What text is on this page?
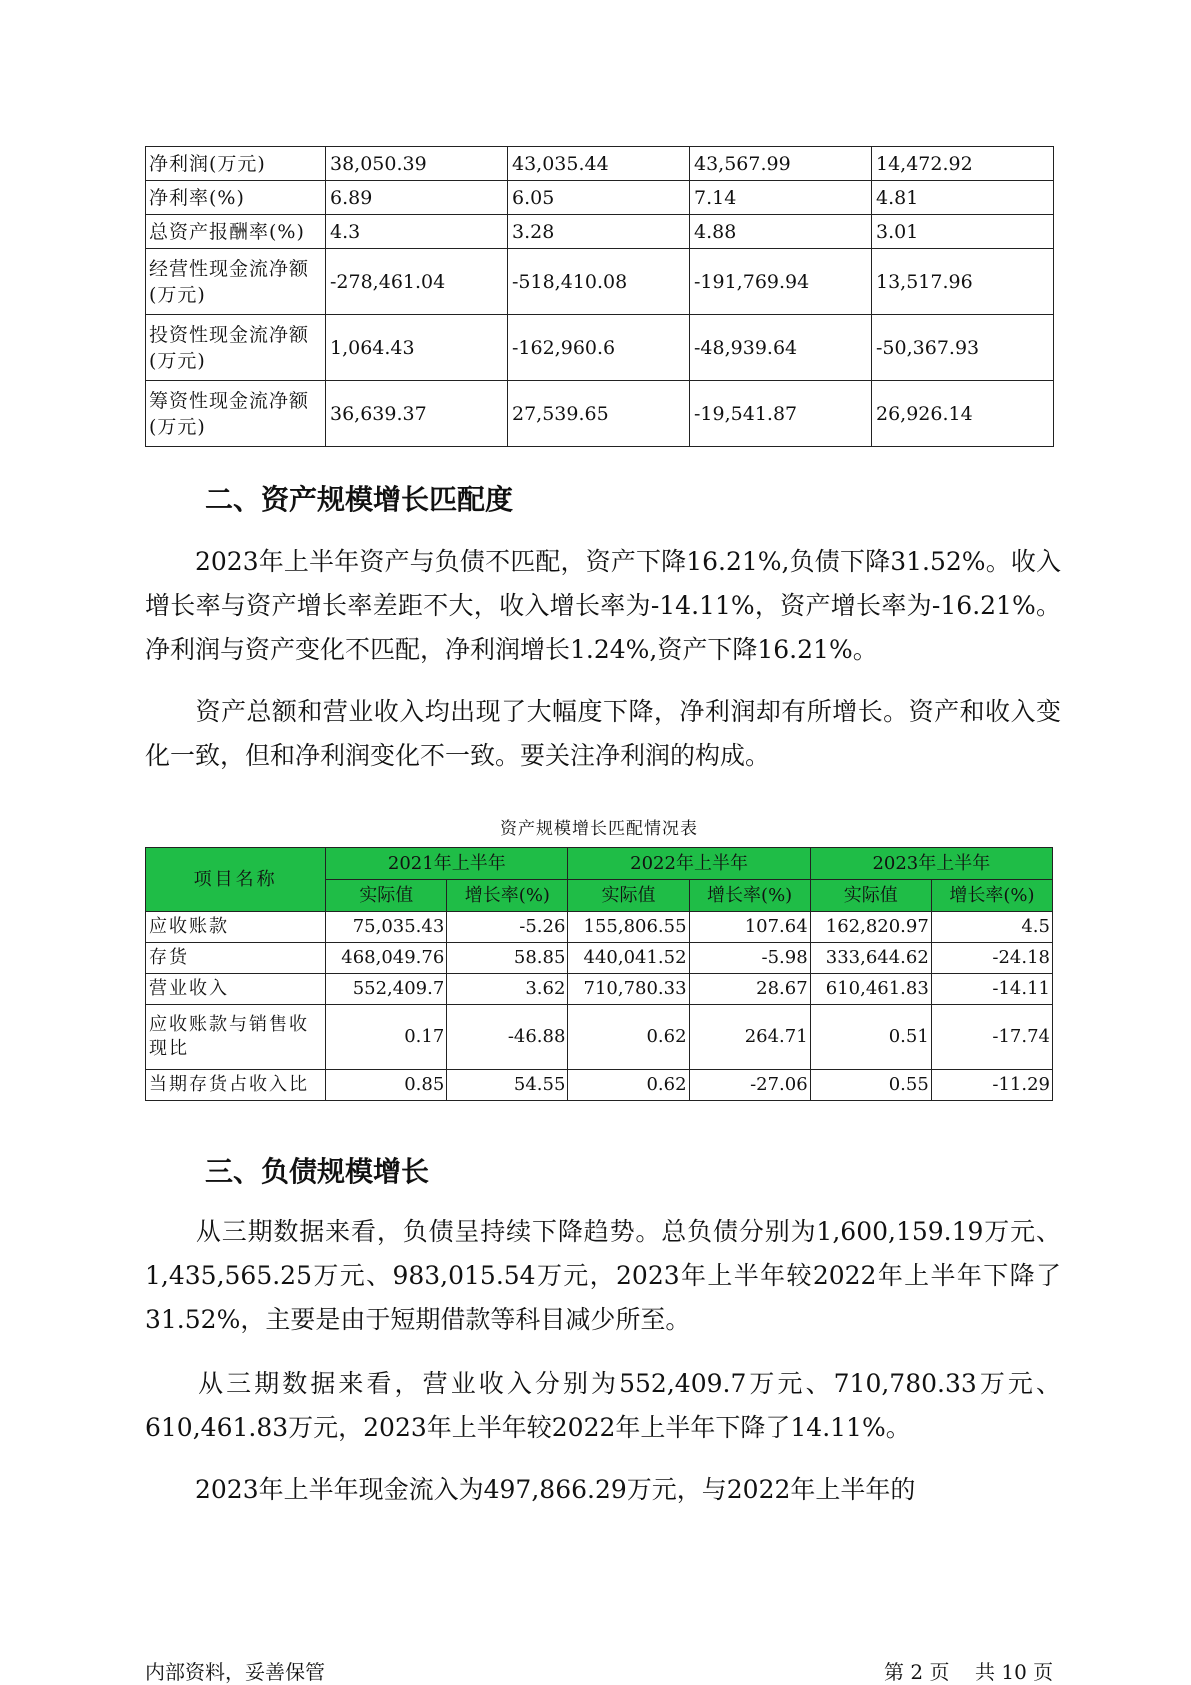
净利润(万元)	38,050.39	43,035.44	43,567.99	14,472.92
净利率(%)	6.89	6.05	7.14	4.81
总资产报酬率(%)	4.3	3.28	4.88	3.01
经营性现金流净额(万元)	-278,461.04	-518,410.08	-191,769.94	13,517.96
投资性现金流净额(万元)	1,064.43	-162,960.6	-48,939.64	-50,367.93
筹资性现金流净额(万元)	36,639.37	27,539.65	-19,541.87	26,926.14
二、资产规模增长匹配度
2023年上半年资产与负债不匹配，资产下降16.21%,负债下降31.52%。收入增长率与资产增长率差距不大，收入增长率为-14.11%，资产增长率为-16.21%。净利润与资产变化不匹配，净利润增长1.24%,资产下降16.21%。
资产总额和营业收入均出现了大幅度下降，净利润却有所增长。资产和收入变化一致，但和净利润变化不一致。要关注净利润的构成。
资产规模增长匹配情况表
项目名称	2021年上半年		2022年上半年		2023年上半年	
	实际值	增长率(%)	实际值	增长率(%)	实际值	增长率(%)
应收账款	75,035.43	-5.26	155,806.55	107.64	162,820.97	4.5
存货	468,049.76	58.85	440,041.52	-5.98	333,644.62	-24.18
营业收入	552,409.7	3.62	710,780.33	28.67	610,461.83	-14.11
应收账款与销售收现比	0.17	-46.88	0.62	264.71	0.51	-17.74
当期存货占收入比	0.85	54.55	0.62	-27.06	0.55	-11.29
三、负债规模增长
从三期数据来看，负债呈持续下降趋势。总负债分别为1,600,159.19万元、1,435,565.25万元、983,015.54万元，2023年上半年较2022年上半年下降了31.52%，主要是由于短期借款等科目减少所至。
从三期数据来看，营业收入分别为552,409.7万元、710,780.33万元、610,461.83万元，2023年上半年较2022年上半年下降了14.11%。
2023年上半年现金流入为497,866.29万元，与2022年上半年的
内部资料，妥善保管	第 2 页 共 10 页
